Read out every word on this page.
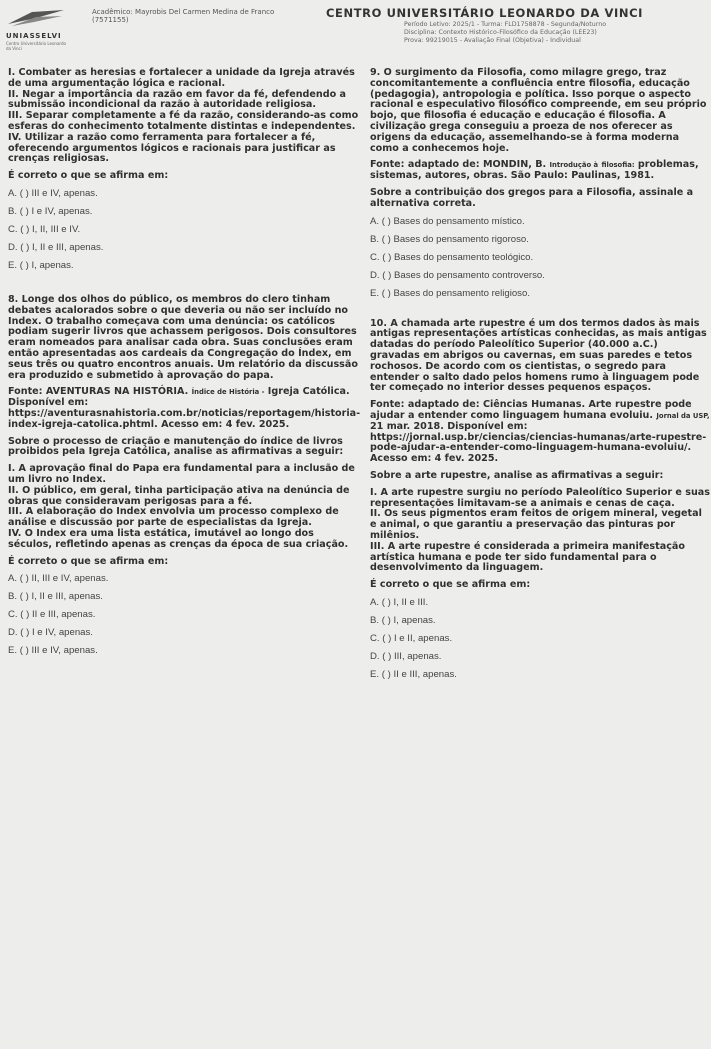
UNIASSELVI
Centro Universitário Leonardo da Vinci
Acadêmico: Mayrobis Del Carmen Medina de Franco (7571155)	CENTRO UNIVERSITÁRIO LEONARDO DA VINCI
Período Letivo: 2025/1 - Turma: FLD1758878 - Segunda/Noturno
Disciplina: Contexto Histórico-Filosófico da Educação (LEE23)
Prova: 99219015 - Avaliação Final (Objetiva) - Individual

I. Combater as heresias e fortalecer a unidade da Igreja através de uma argumentação lógica e racional.

II. Negar a importância da razão em favor da fé, defendendo a submissão incondicional da razão à autoridade religiosa.

III. Separar completamente a fé da razão, considerando-as como esferas do conhecimento totalmente distintas e independentes.

IV. Utilizar a razão como ferramenta para fortalecer a fé, oferecendo argumentos lógicos e racionais para justificar as crenças religiosas.

É correto o que se afirma em:

A. ( ) III e IV, apenas.
B. ( ) I e IV, apenas.
C. ( ) I, II, III e IV.
D. ( ) I, II e III, apenas.
E. ( ) I, apenas.

8. Longe dos olhos do público, os membros do clero tinham debates acalorados sobre o que deveria ou não ser incluído no Index. O trabalho começava com uma denúncia: os católicos podiam sugerir livros que achassem perigosos. Dois consultores eram nomeados para analisar cada obra. Suas conclusões eram então apresentadas aos cardeais da Congregação do Índex, em seus três ou quatro encontros anuais. Um relatório da discussão era produzido e submetido à aprovação do papa.

Fonte: AVENTURAS NA HISTÓRIA. Índice de História - Igreja Católica. Disponível em: https://aventurasnahistoria.com.br/noticias/reportagem/historia-index-igreja-catolica.phtml. Acesso em: 4 fev. 2025.

Sobre o processo de criação e manutenção do índice de livros proibidos pela Igreja Católica, analise as afirmativas a seguir:

I. A aprovação final do Papa era fundamental para a inclusão de um livro no Index.

II. O público, em geral, tinha participação ativa na denúncia de obras que consideravam perigosas para a fé.

III. A elaboração do Index envolvia um processo complexo de análise e discussão por parte de especialistas da Igreja.

IV. O Index era uma lista estática, imutável ao longo dos séculos, refletindo apenas as crenças da época de sua criação.

É correto o que se afirma em:

A. ( ) II, III e IV, apenas.
B. ( ) I, II e III, apenas.
C. ( ) II e III, apenas.
D. ( ) I e IV, apenas.
E. ( ) III e IV, apenas.

9. O surgimento da Filosofia, como milagre grego, traz concomitantemente a confluência entre filosofia, educação (pedagogia), antropologia e política. Isso porque o aspecto racional e especulativo filosófico compreende, em seu próprio bojo, que filosofia é educação e educação é filosofia. A civilização grega conseguiu a proeza de nos oferecer as origens da educação, assemelhando-se à forma moderna como a conhecemos hoje.

Fonte: adaptado de: MONDIN, B. Introdução à filosofia: problemas, sistemas, autores, obras. São Paulo: Paulinas, 1981.

Sobre a contribuição dos gregos para a Filosofia, assinale a alternativa correta.

A. ( ) Bases do pensamento místico.
B. ( ) Bases do pensamento rigoroso.
C. ( ) Bases do pensamento teológico.
D. ( ) Bases do pensamento controverso.
E. ( ) Bases do pensamento religioso.

10. A chamada arte rupestre é um dos termos dados às mais antigas representações artísticas conhecidas, as mais antigas datadas do período Paleolítico Superior (40.000 a.C.) gravadas em abrigos ou cavernas, em suas paredes e tetos rochosos. De acordo com os cientistas, o segredo para entender o salto dado pelos homens rumo à linguagem pode ter começado no interior desses pequenos espaços.

Fonte: adaptado de: Ciências Humanas. Arte rupestre pode ajudar a entender como linguagem humana evoluiu. Jornal da USP, 21 mar. 2018. Disponível em: https://jornal.usp.br/ciencias/ciencias-humanas/arte-rupestre-pode-ajudar-a-entender-como-linguagem-humana-evoluiu/. Acesso em: 4 fev. 2025.

Sobre a arte rupestre, analise as afirmativas a seguir:

I. A arte rupestre surgiu no período Paleolítico Superior e suas representações limitavam-se a animais e cenas de caça.

II. Os seus pigmentos eram feitos de origem mineral, vegetal e animal, o que garantiu a preservação das pinturas por milênios.

III. A arte rupestre é considerada a primeira manifestação artística humana e pode ter sido fundamental para o desenvolvimento da linguagem.

É correto o que se afirma em:

A. ( ) I, II e III.
B. ( ) I, apenas.
C. ( ) I e II, apenas.
D. ( ) III, apenas.
E. ( ) II e III, apenas.
